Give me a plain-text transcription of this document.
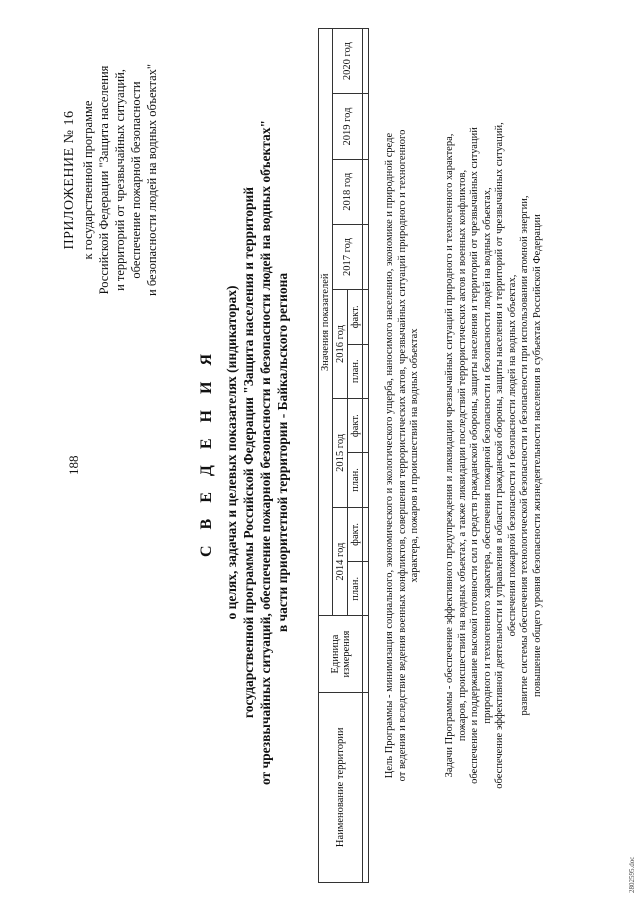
188
ПРИЛОЖЕНИЕ № 16 к государственной программе Российской Федерации "Защита населения и территорий от чрезвычайных ситуаций, обеспечение пожарной безопасности и безопасности людей на водных объектах"
С В Е Д Е Н И Я о целях, задачах и целевых показателях (индикаторах) государственной программы Российской Федерации "Защита населения и территорий от чрезвычайных ситуаций, обеспечение пожарной безопасности и безопасности людей на водных объектах" в части приоритетной территории - Байкальского региона
Наименование территории	Единица измерения	Значения показателей									
		2014 год		2015 год		2016 год		2017 год	2018 год	2019 год	2020 год
		план.	факт.	план.	факт.	план.	факт.				
											Цель Программы - минимизация социального, экономического и экологического ущерба, наносимого населению, экономике и природной среде от ведения и вследствие ведения военных конфликтов, совершения террористических актов, чрезвычайных ситуаций природного и техногенного характера, пожаров и происшествий на водных объектах Задачи Программы - обеспечение эффективного предупреждения и ликвидации чрезвычайных ситуаций природного и техногенного характера, пожаров, происшествий на водных объектах, а также ликвидации последствий террористических актов и военных конфликтов, обеспечение и поддержание высокой готовности сил и средств гражданской обороны, защиты населения и территорий от чрезвычайных ситуаций природного и техногенного характера, обеспечения пожарной безопасности и безопасности людей на водных объектах, обеспечение эффективной деятельности и управления в области гражданской обороны, защиты населения и территорий от чрезвычайных ситуаций, обеспечения пожарной безопасности и безопасности людей на водных объектах, развитие системы обеспечения технологической безопасности и безопасности при использовании атомной энергии, повышение общего уровня безопасности жизнедеятельности населения в субъектах Российской Федерации
2802595.doc
